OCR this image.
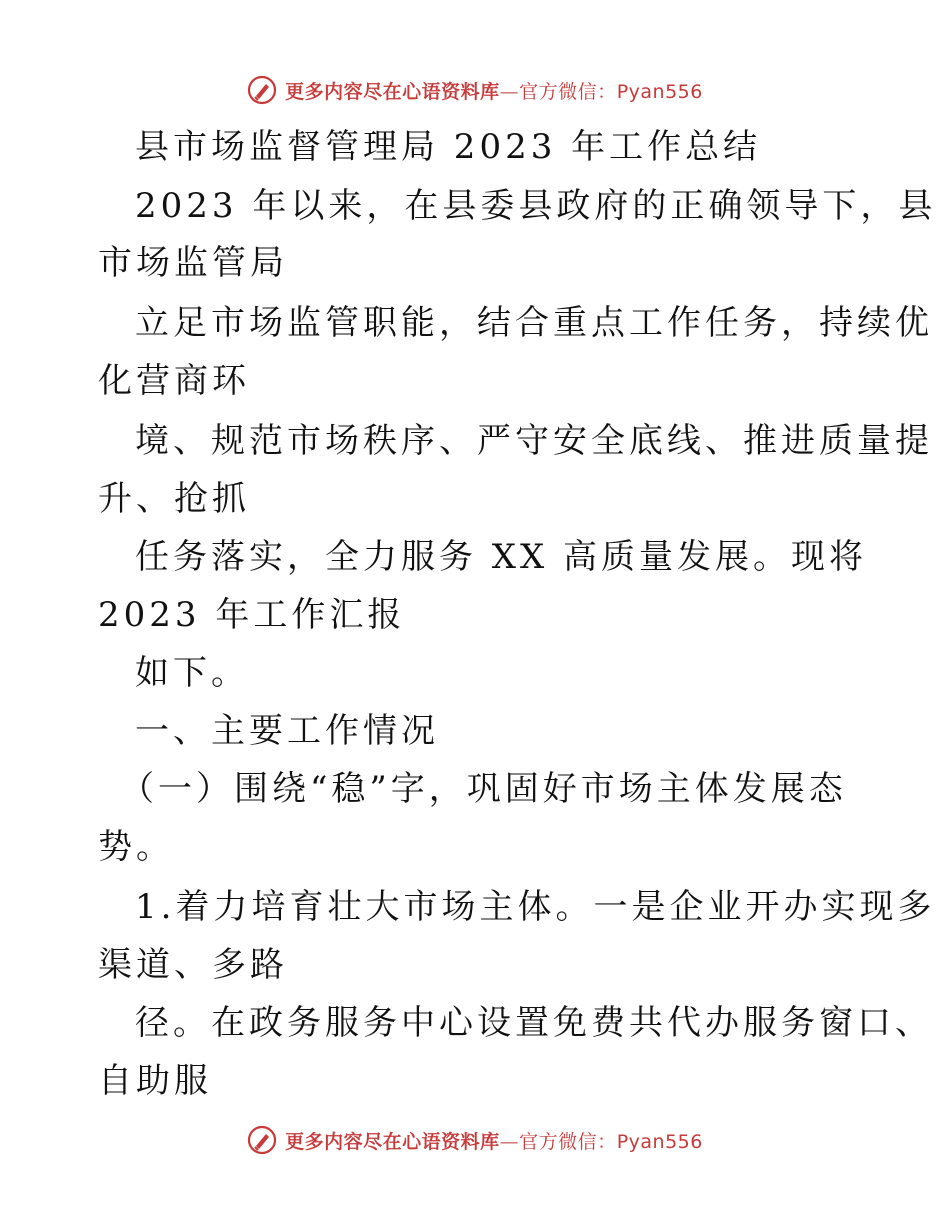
更多内容尽在心语资料库—官方微信：Pyan556
县市场监督管理局 2023 年工作总结
2023 年以来，在县委县政府的正确领导下，县
市场监管局
立足市场监管职能，结合重点工作任务，持续优
化营商环
境、规范市场秩序、严守安全底线、推进质量提
升、抢抓
任务落实，全力服务 XX 高质量发展。现将
2023 年工作汇报
如下。
一、主要工作情况
（一）围绕“稳”字，巩固好市场主体发展态
势。
1.着力培育壮大市场主体。一是企业开办实现多
渠道、多路
径。在政务服务中心设置免费共代办服务窗口、
自助服
更多内容尽在心语资料库—官方微信：Pyan556
